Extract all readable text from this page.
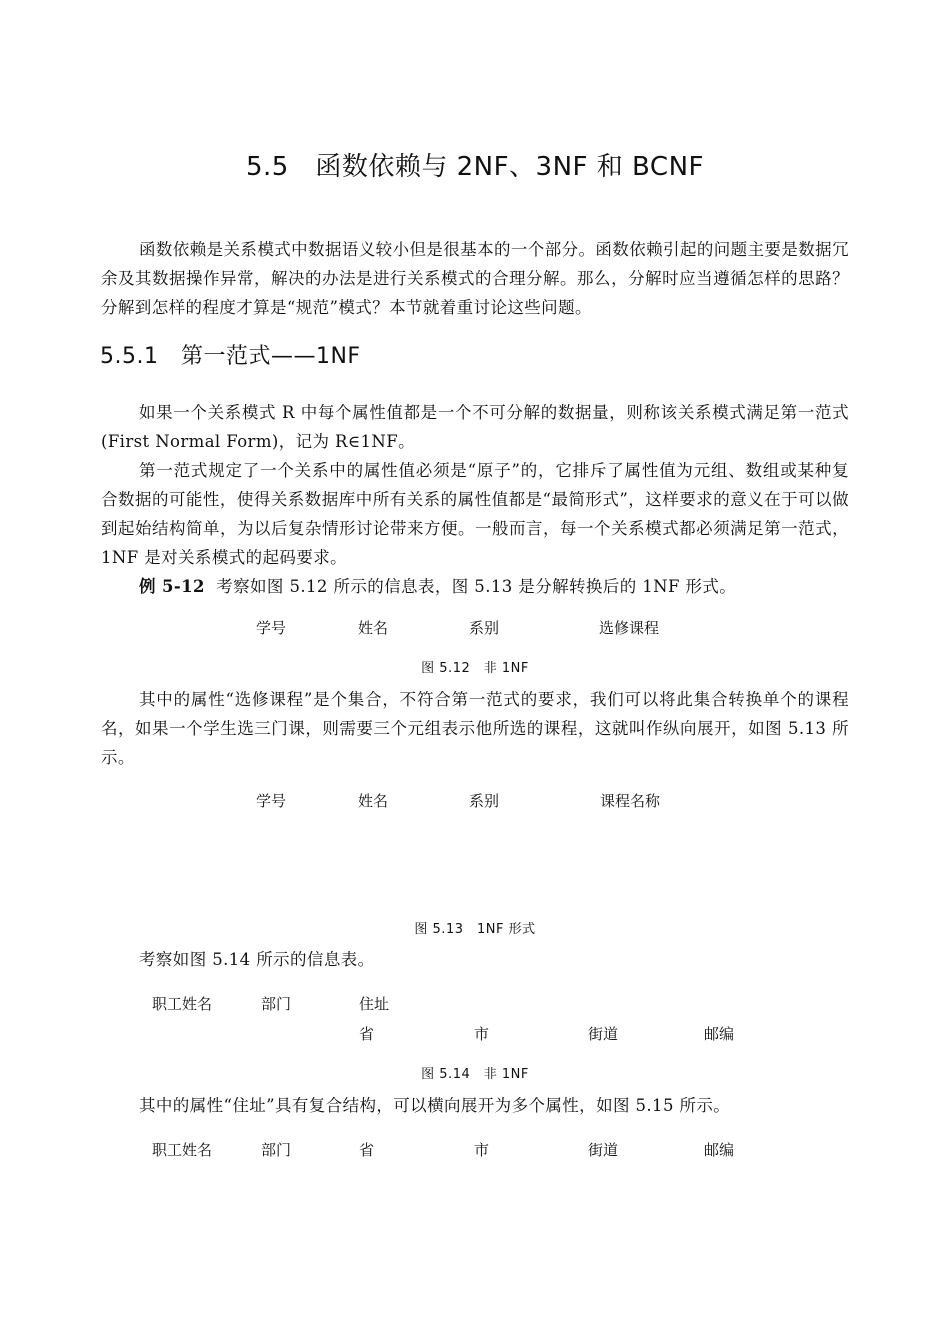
5.5　函数依赖与 2NF、3NF 和 BCNF
函数依赖是关系模式中数据语义较小但是很基本的一个部分。函数依赖引起的问题主要是数据冗余及其数据操作异常，解决的办法是进行关系模式的合理分解。那么，分解时应当遵循怎样的思路？分解到怎样的程度才算是“规范”模式？本节就着重讨论这些问题。
5.5.1　第一范式——1NF
如果一个关系模式 R 中每个属性值都是一个不可分解的数据量，则称该关系模式满足第一范式(First Normal Form)，记为 R∈1NF。
第一范式规定了一个关系中的属性值必须是“原子”的，它排斥了属性值为元组、数组或某种复合数据的可能性，使得关系数据库中所有关系的属性值都是“最简形式”，这样要求的意义在于可以做到起始结构简单，为以后复杂情形讨论带来方便。一般而言，每一个关系模式都必须满足第一范式，1NF 是对关系模式的起码要求。
例 5-12 考察如图 5.12 所示的信息表，图 5.13 是分解转换后的 1NF 形式。
学号	姓名	系别	选修课程
图 5.12　非 1NF
其中的属性“选修课程”是个集合，不符合第一范式的要求，我们可以将此集合转换单个的课程名，如果一个学生选三门课，则需要三个元组表示他所选的课程，这就叫作纵向展开，如图 5.13 所示。
学号	姓名	系别	课程名称
图 5.13　1NF 形式
考察如图 5.14 所示的信息表。
职工姓名	部门	住址
省	市	街道	邮编
图 5.14　非 1NF
其中的属性“住址”具有复合结构，可以横向展开为多个属性，如图 5.15 所示。
职工姓名	部门	省	市	街道	邮编
